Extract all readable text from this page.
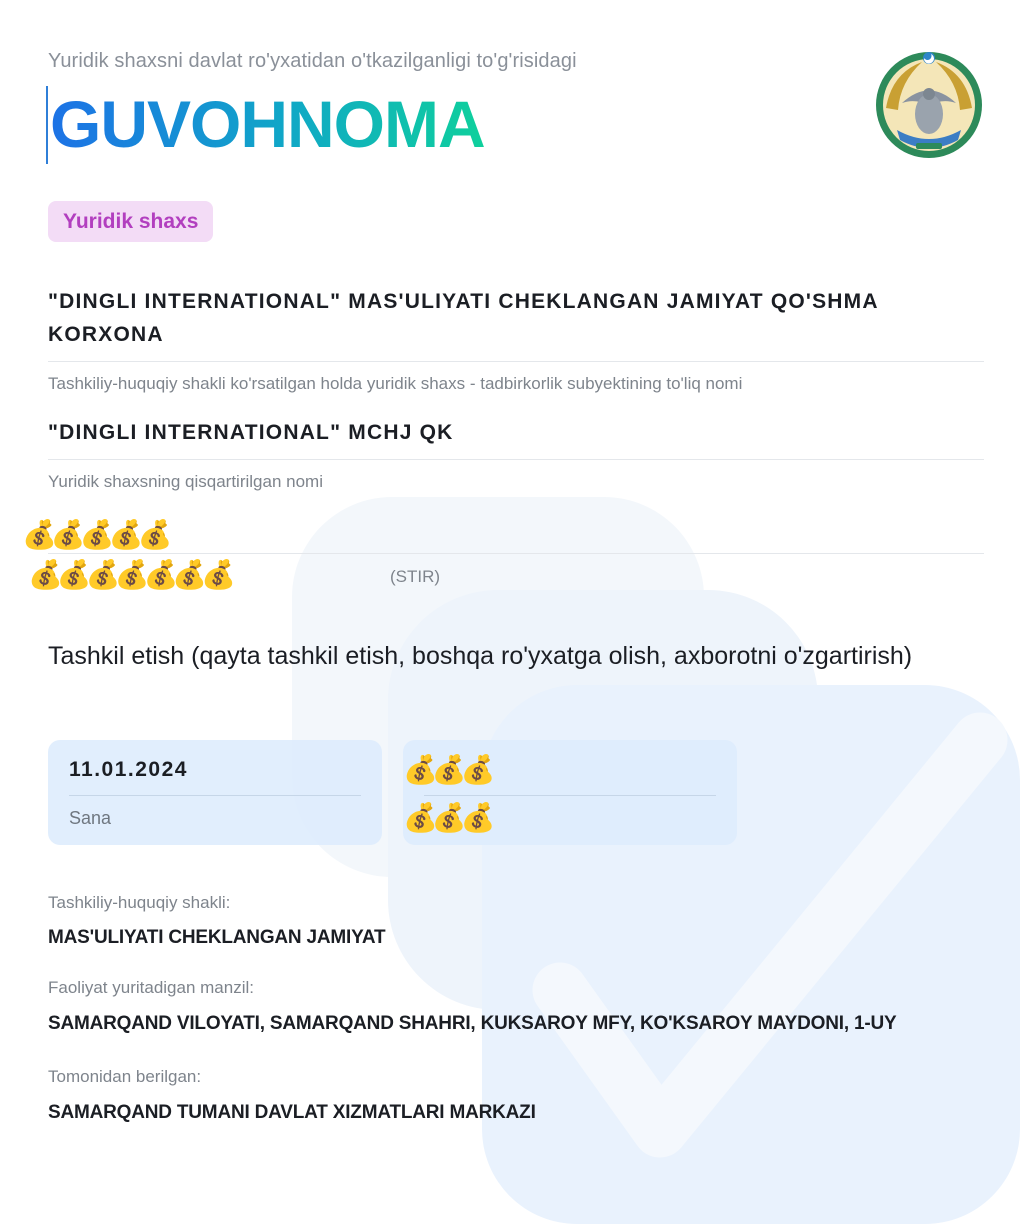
Yuridik shaxsni davlat ro'yxatidan o'tkazilganligi to'g'risidagi
GUVOHNOMA
Yuridik shaxs
"DINGLI INTERNATIONAL" MAS'ULIYATI CHEKLANGAN JAMIYAT QO'SHMA KORXONA
Tashkiliy-huquqiy shakli ko'rsatilgan holda yuridik shaxs - tadbirkorlik subyektining to'liq nomi
"DINGLI INTERNATIONAL" MCHJ QK
Yuridik shaxsning qisqartirilgan nomi
(STIR)
💰💰💰💰💰
💰💰💰💰💰💰💰
Tashkil etish (qayta tashkil etish, boshqa ro'yxatga olish, axborotni o'zgartirish)
11.01.2024
Sana
💰💰💰
💰💰💰
Tashkiliy-huquqiy shakli:
MAS'ULIYATI CHEKLANGAN JAMIYAT
Faoliyat yuritadigan manzil:
SAMARQAND VILOYATI, SAMARQAND SHAHRI, KUKSAROY MFY, KO'KSAROY MAYDONI, 1-UY
Tomonidan berilgan:
SAMARQAND TUMANI DAVLAT XIZMATLARI MARKAZI
